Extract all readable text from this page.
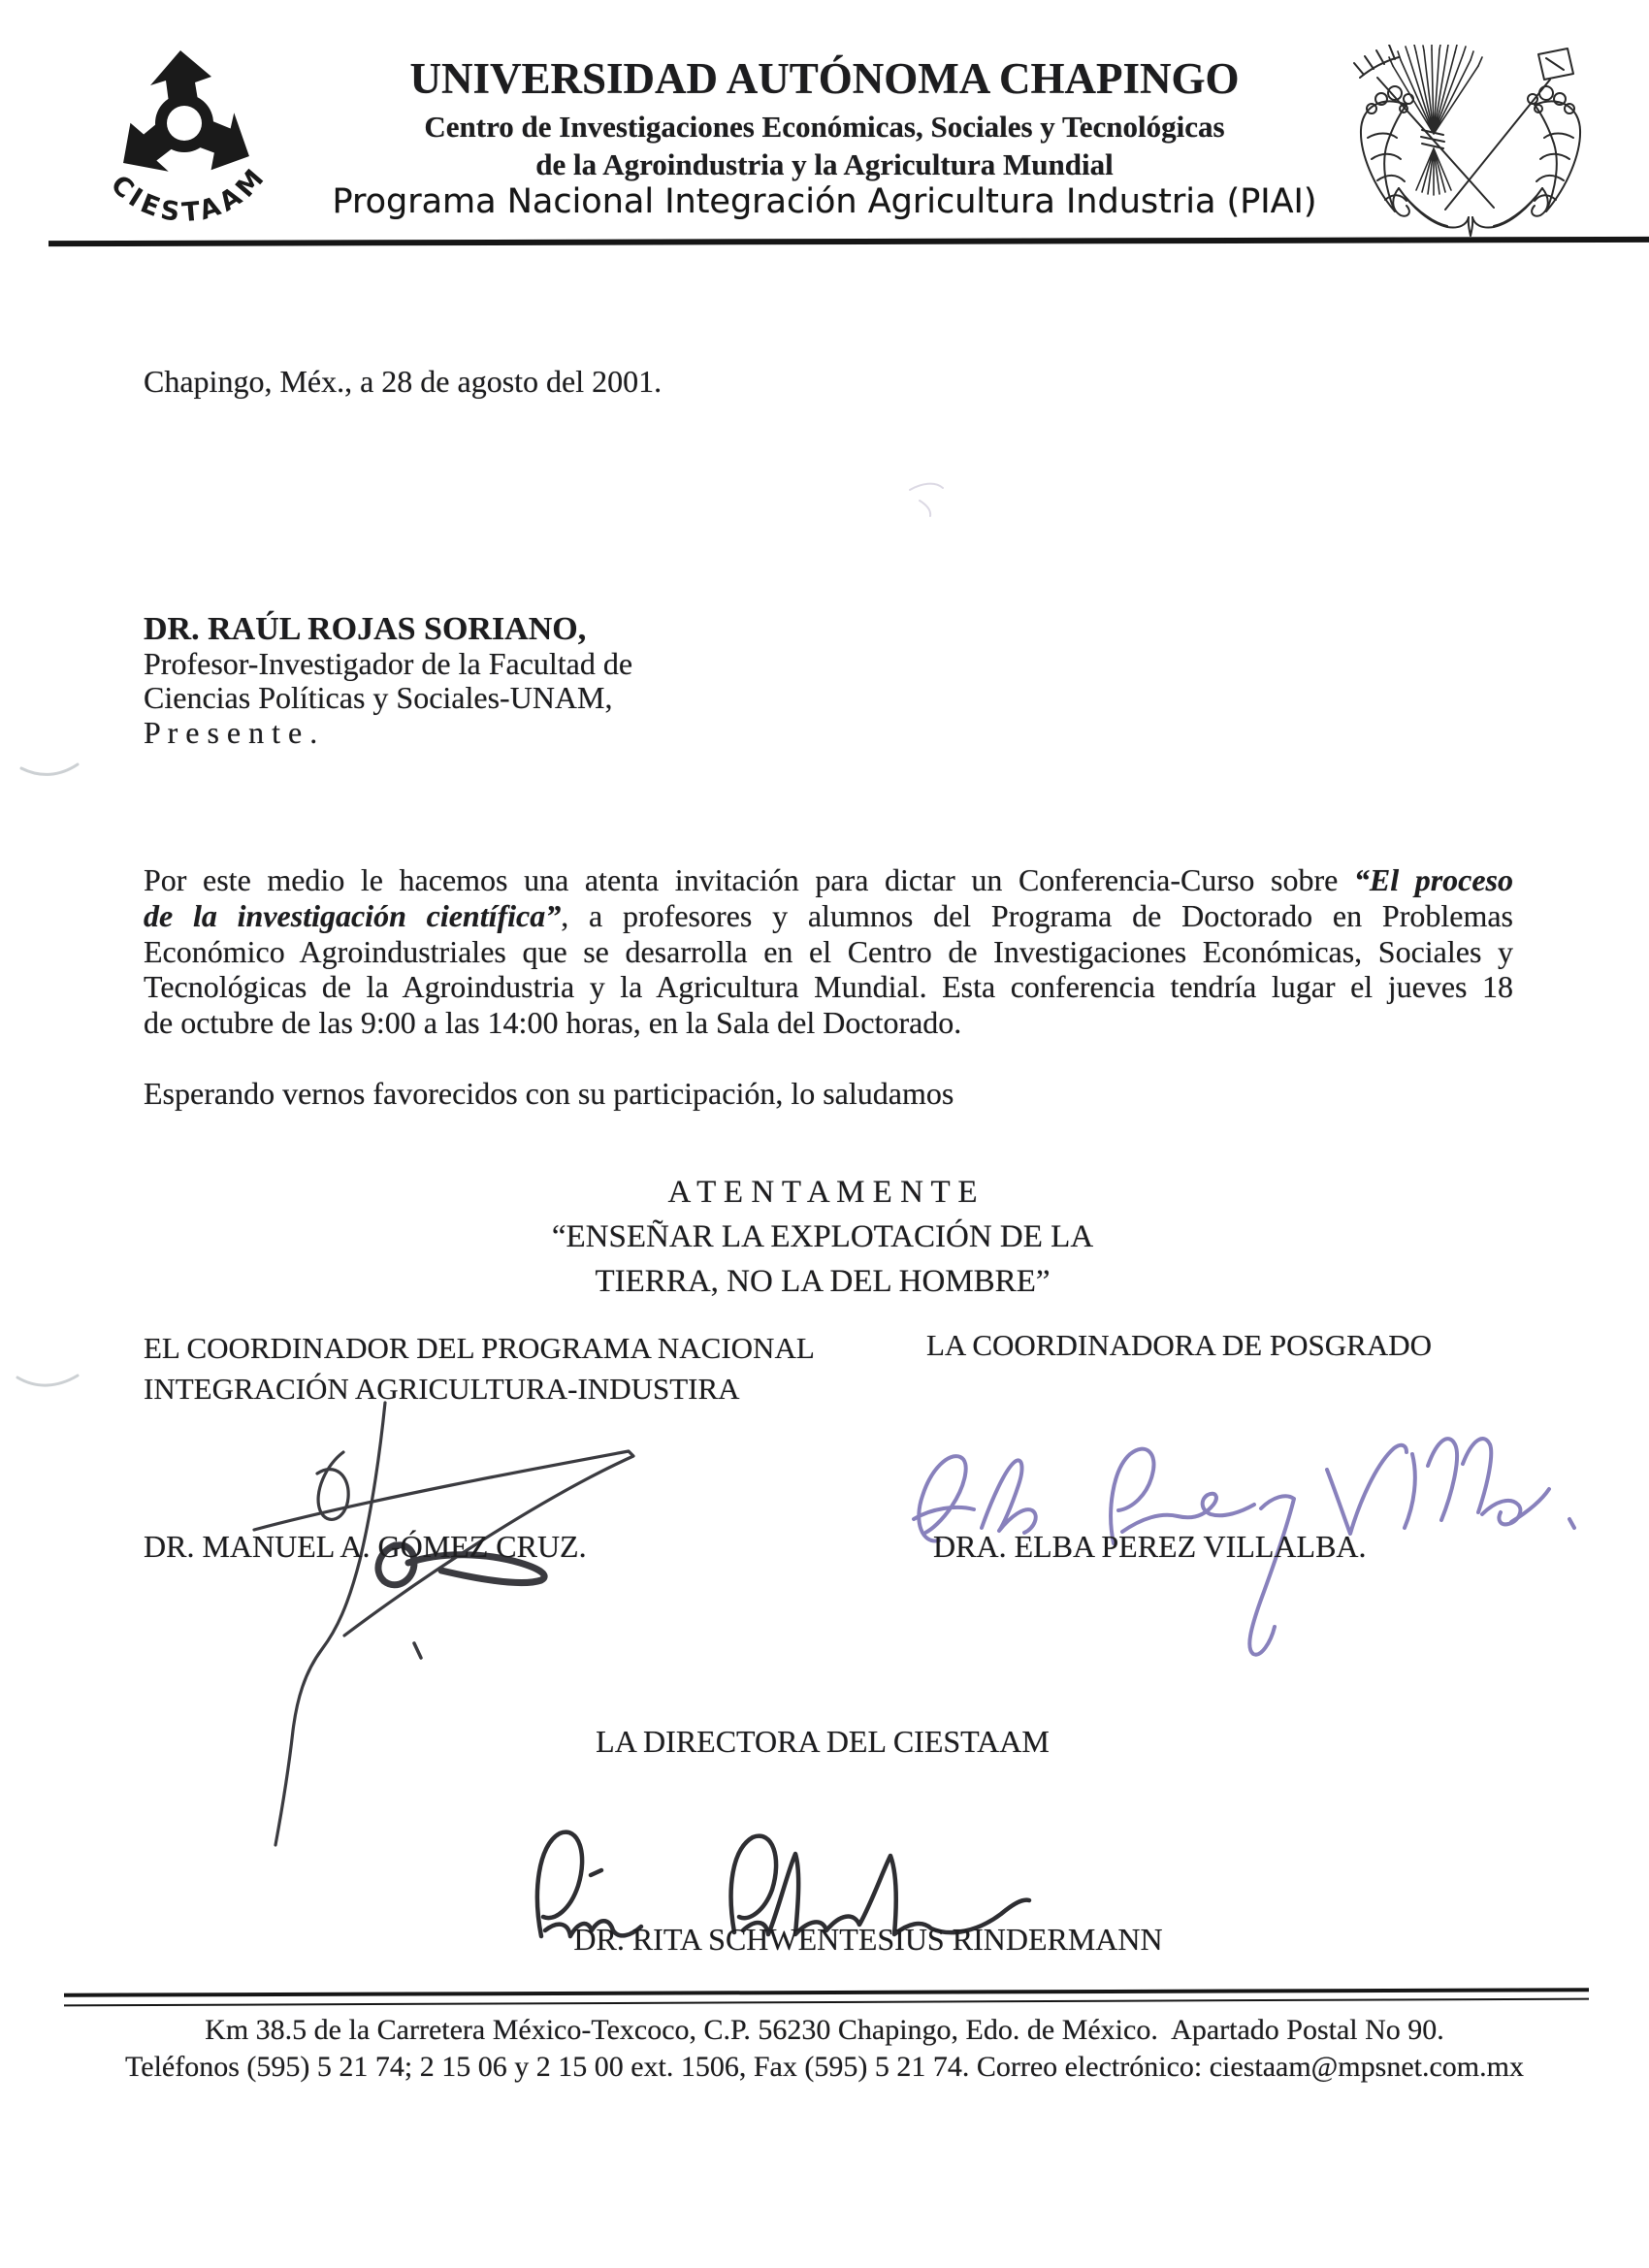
CIESTAAM
UNIVERSIDAD AUTÓNOMA CHAPINGO
Centro de Investigaciones Económicas, Sociales y Tecnológicas
de la Agroindustria y la Agricultura Mundial
Programa Nacional Integración Agricultura Industria (PIAI)
Chapingo, Méx., a 28 de agosto del 2001.
DR. RAÚL ROJAS SORIANO,
Profesor-Investigador de la Facultad de
Ciencias Políticas y Sociales-UNAM,
P r e s e n t e .
Por este medio le hacemos una atenta invitación para dictar un Conferencia-Curso sobre “El proceso
de la investigación científica”, a profesores y alumnos del Programa de Doctorado en Problemas
Económico Agroindustriales que se desarrolla en el Centro de Investigaciones Económicas, Sociales y
Tecnológicas de la Agroindustria y la Agricultura Mundial. Esta conferencia tendría lugar el jueves 18
de octubre de las 9:00 a las 14:00 horas, en la Sala del Doctorado.
Esperando vernos favorecidos con su participación, lo saludamos
A T E N T A M E N T E
“ENSEÑAR LA EXPLOTACIÓN DE LA
TIERRA, NO LA DEL HOMBRE”
EL COORDINADOR DEL PROGRAMA NACIONAL
INTEGRACIÓN AGRICULTURA-INDUSTIRA
LA COORDINADORA DE POSGRADO
DR. MANUEL A. GÓMEZ CRUZ.	DRA. ELBA PEREZ VILLALBA.
LA DIRECTORA DEL CIESTAAM
DR. RITA SCHWENTESIUS RINDERMANN
Km 38.5 de la Carretera México-Texcoco, C.P. 56230 Chapingo, Edo. de México.  Apartado Postal No 90.
Teléfonos (595) 5 21 74; 2 15 06 y 2 15 00 ext. 1506, Fax (595) 5 21 74. Correo electrónico: ciestaam@mpsnet.com.mx
